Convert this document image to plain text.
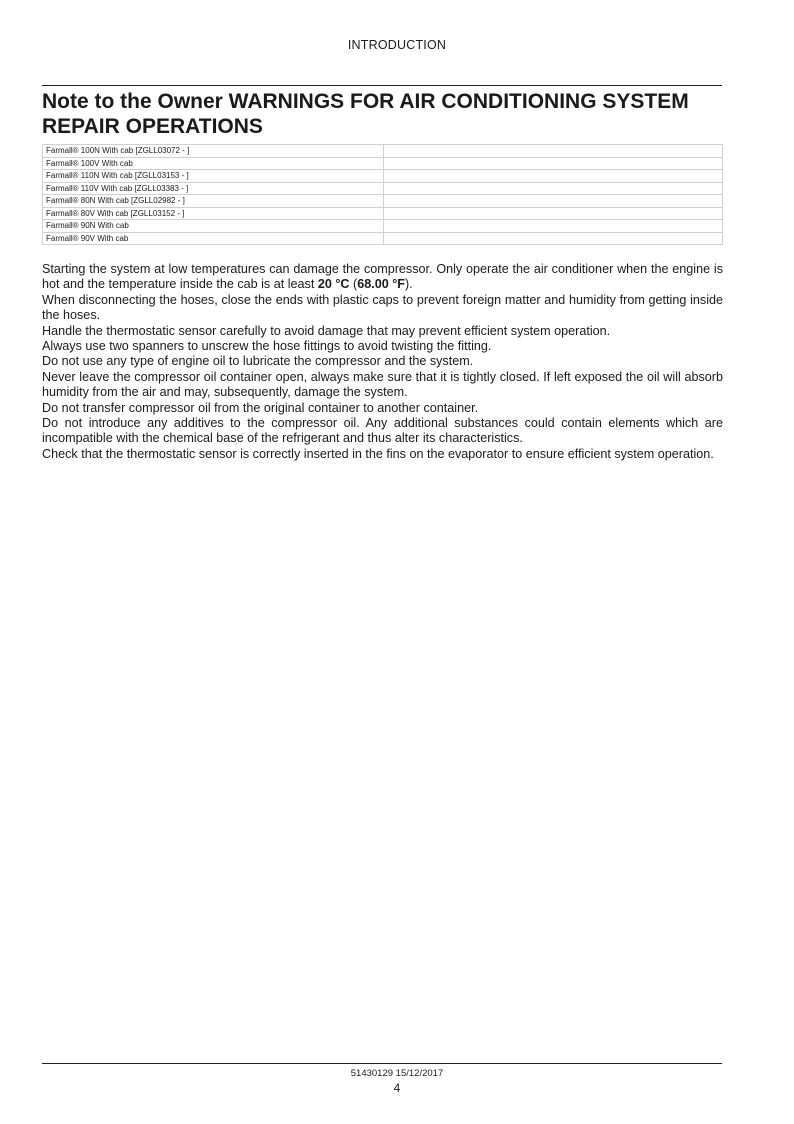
INTRODUCTION
Note to the Owner WARNINGS FOR AIR CONDITIONING SYSTEM REPAIR OPERATIONS
Farmall® 100N With cab [ZGLL03072 - ]	
Farmall® 100V With cab	
Farmall® 110N With cab [ZGLL03153 - ]	
Farmall® 110V With cab [ZGLL03383 - ]	
Farmall® 80N With cab [ZGLL02982 - ]	
Farmall® 80V With cab [ZGLL03152 - ]	
Farmall® 90N With cab	
Farmall® 90V With cab	

Starting the system at low temperatures can damage the compressor. Only operate the air conditioner when the engine is hot and the temperature inside the cab is at least 20 °C (68.00 °F).

When disconnecting the hoses, close the ends with plastic caps to prevent foreign matter and humidity from getting inside the hoses.

Handle the thermostatic sensor carefully to avoid damage that may prevent efficient system operation.

Always use two spanners to unscrew the hose fittings to avoid twisting the fitting.

Do not use any type of engine oil to lubricate the compressor and the system.

Never leave the compressor oil container open, always make sure that it is tightly closed. If left exposed the oil will absorb humidity from the air and may, subsequently, damage the system.

Do not transfer compressor oil from the original container to another container.

Do not introduce any additives to the compressor oil. Any additional substances could contain elements which are incompatible with the chemical base of the refrigerant and thus alter its characteristics.

Check that the thermostatic sensor is correctly inserted in the fins on the evaporator to ensure efficient system operation.

51430129 15/12/2017
4
